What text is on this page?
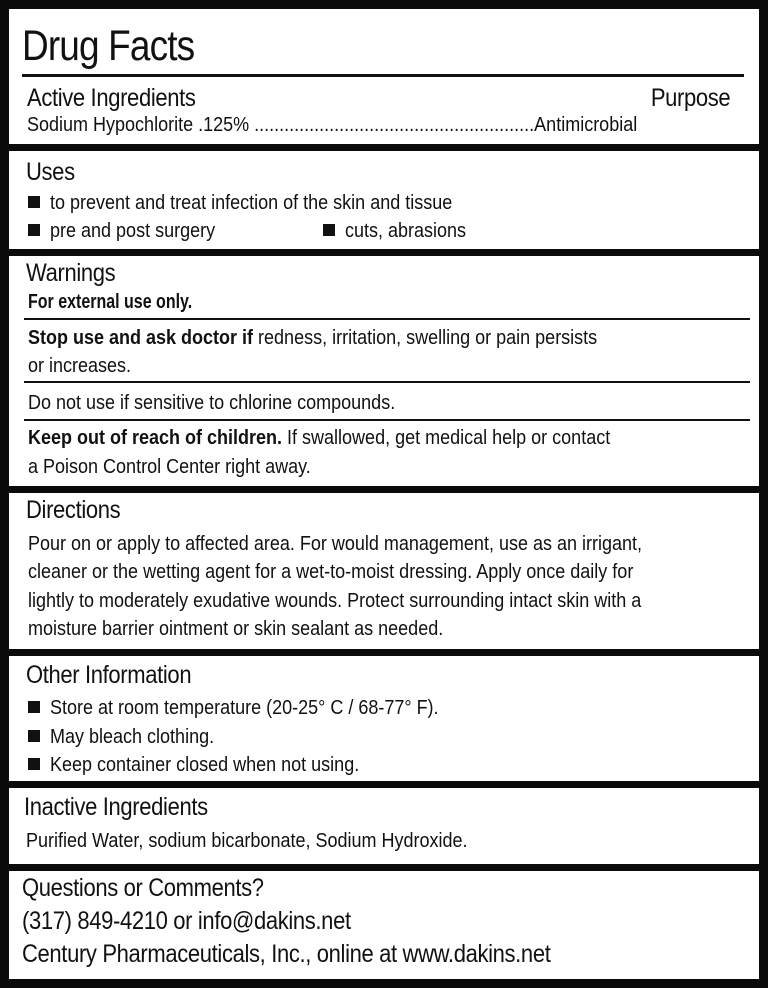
Drug Facts
Active Ingredients	Purpose
Sodium Hypochlorite .125% ........................................................Antimicrobial
Uses
to prevent and treat infection of the skin and tissue
pre and post surgery	cuts, abrasions
Warnings
For external use only.
Stop use and ask doctor if redness, irritation, swelling or pain persists
or increases.
Do not use if sensitive to chlorine compounds.
Keep out of reach of children. If swallowed, get medical help or contact
a Poison Control Center right away.
Directions
Pour on or apply to affected area. For would management, use as an irrigant,
cleaner or the wetting agent for a wet-to-moist dressing. Apply once daily for
lightly to moderately exudative wounds. Protect surrounding intact skin with a
moisture barrier ointment or skin sealant as needed.
Other Information
Store at room temperature (20-25° C / 68-77° F).
May bleach clothing.
Keep container closed when not using.
Inactive Ingredients
Purified Water, sodium bicarbonate, Sodium Hydroxide.
Questions or Comments?
(317) 849-4210 or info@dakins.net
Century Pharmaceuticals, Inc., online at www.dakins.net
